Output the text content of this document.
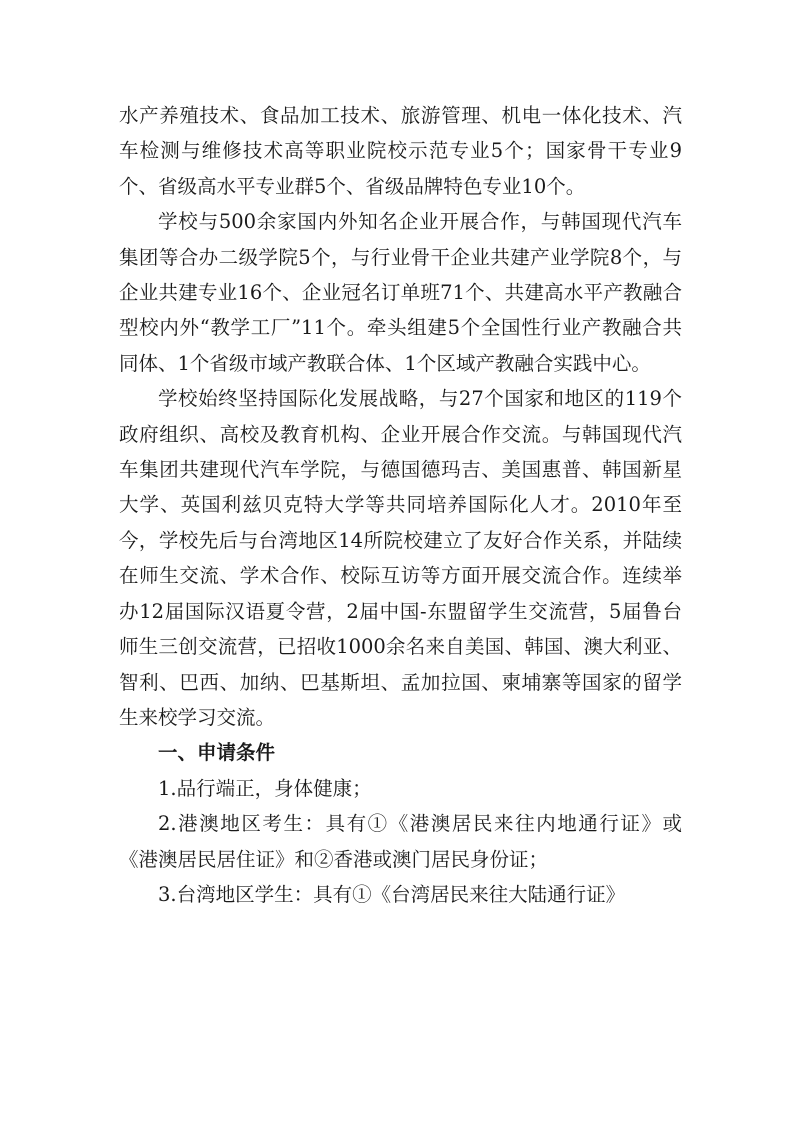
水产养殖技术、食品加工技术、旅游管理、机电一体化技术、汽车检测与维修技术高等职业院校示范专业5个；国家骨干专业9个、省级高水平专业群5个、省级品牌特色专业10个。

学校与500余家国内外知名企业开展合作，与韩国现代汽车集团等合办二级学院5个，与行业骨干企业共建产业学院8个，与企业共建专业16个、企业冠名订单班71个、共建高水平产教融合型校内外“教学工厂”11个。牵头组建5个全国性行业产教融合共同体、1个省级市域产教联合体、1个区域产教融合实践中心。

学校始终坚持国际化发展战略，与27个国家和地区的119个政府组织、高校及教育机构、企业开展合作交流。与韩国现代汽车集团共建现代汽车学院，与德国德玛吉、美国惠普、韩国新星大学、英国利兹贝克特大学等共同培养国际化人才。2010年至今，学校先后与台湾地区14所院校建立了友好合作关系，并陆续在师生交流、学术合作、校际互访等方面开展交流合作。连续举办12届国际汉语夏令营，2届中国-东盟留学生交流营，5届鲁台师生三创交流营，已招收1000余名来自美国、韩国、澳大利亚、智利、巴西、加纳、巴基斯坦、孟加拉国、柬埔寨等国家的留学生来校学习交流。

一、申请条件

1.品行端正，身体健康；

2.港澳地区考生：具有①《港澳居民来往内地通行证》或《港澳居民居住证》和②香港或澳门居民身份证；

3.台湾地区学生：具有①《台湾居民来往大陆通行证》
